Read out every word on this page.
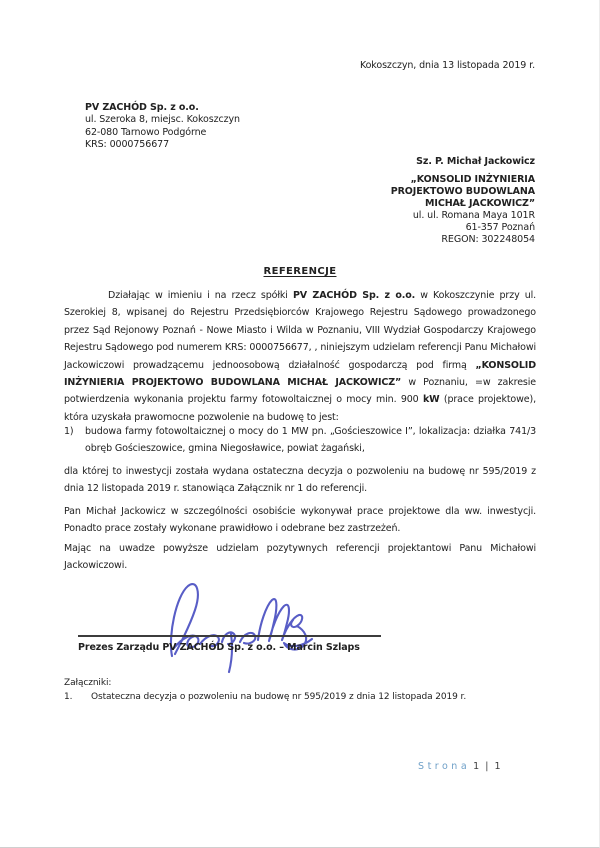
Kokoszczyn, dnia 13 listopada 2019 r.
PV ZACHÓD Sp. z o.o.
ul. Szeroka 8, miejsc. Kokoszczyn
62-080 Tarnowo Podgórne
KRS: 0000756677
Sz. P. Michał Jackowicz
„KONSOLID INŻYNIERIA
PROJEKTOWO BUDOWLANA
MICHAŁ JACKOWICZ”
ul. ul. Romana Maya 101R
61-357 Poznań
REGON: 302248054
REFERENCJE
Działając w imieniu i na rzecz spółki PV ZACHÓD Sp. z o.o. w Kokoszczynie przy ul. Szerokiej 8, wpisanej do Rejestru Przedsiębiorców Krajowego Rejestru Sądowego prowadzonego przez Sąd Rejonowy Poznań - Nowe Miasto i Wilda w Poznaniu, VIII Wydział Gospodarczy Krajowego Rejestru Sądowego pod numerem KRS: 0000756677, , niniejszym udzielam referencji Panu Michałowi Jackowiczowi prowadzącemu jednoosobową działalność gospodarczą pod firmą „KONSOLID INŻYNIERIA PROJEKTOWO BUDOWLANA MICHAŁ JACKOWICZ” w Poznaniu, =w zakresie potwierdzenia wykonania projektu farmy fotowoltaicznej o mocy min. 900 kW (prace projektowe), która uzyskała prawomocne pozwolenie na budowę to jest:
1) budowa farmy fotowoltaicznej o mocy do 1 MW pn. „Gościeszowice I”, lokalizacja: działka 741/3 obręb Gościeszowice, gmina Niegosławice, powiat żagański,
dla której to inwestycji została wydana ostateczna decyzja o pozwoleniu na budowę nr 595/2019 z dnia 12 listopada 2019 r. stanowiąca Załącznik nr 1 do referencji.
Pan Michał Jackowicz w szczególności osobiście wykonywał prace projektowe dla ww. inwestycji. Ponadto prace zostały wykonane prawidłowo i odebrane bez zastrzeżeń.
Mając na uwadze powyższe udzielam pozytywnych referencji projektantowi Panu Michałowi Jackowiczowi.
Prezes Zarządu PV ZACHÓD Sp. z o.o. – Marcin Szlaps
Załączniki:
1. Ostateczna decyzja o pozwoleniu na budowę nr 595/2019 z dnia 12 listopada 2019 r.
Strona 1 | 1
